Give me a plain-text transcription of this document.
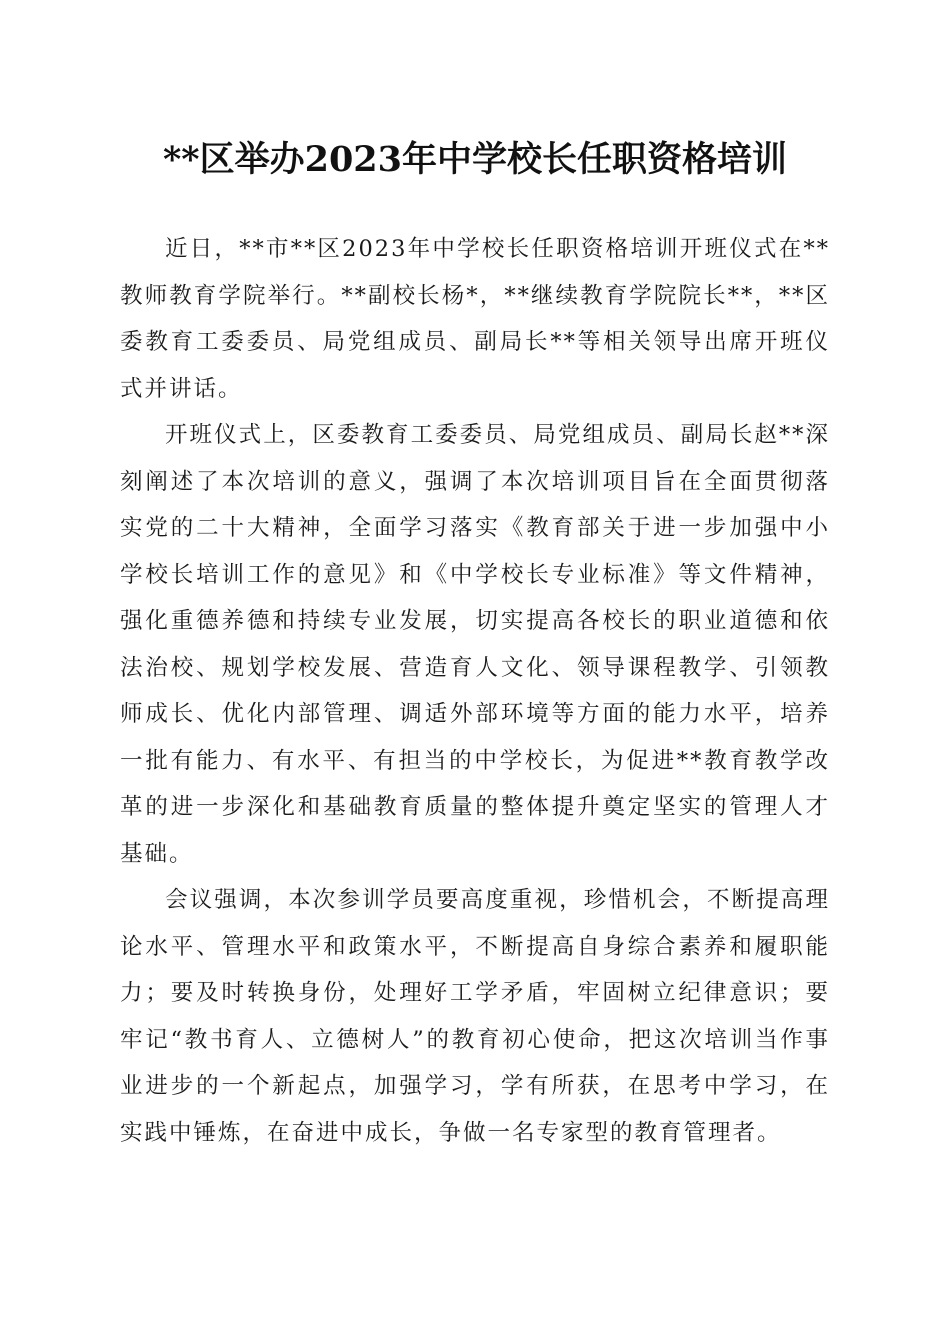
**区举办2023年中学校长任职资格培训

近日，**市**区2023年中学校长任职资格培训开班仪式在**教师教育学院举行。**副校长杨*，**继续教育学院院长**，**区委教育工委委员、局党组成员、副局长**等相关领导出席开班仪式并讲话。

开班仪式上，区委教育工委委员、局党组成员、副局长赵**深刻阐述了本次培训的意义，强调了本次培训项目旨在全面贯彻落实党的二十大精神，全面学习落实《教育部关于进一步加强中小学校长培训工作的意见》和《中学校长专业标准》等文件精神，强化重德养德和持续专业发展，切实提高各校长的职业道德和依法治校、规划学校发展、营造育人文化、领导课程教学、引领教师成长、优化内部管理、调适外部环境等方面的能力水平，培养一批有能力、有水平、有担当的中学校长，为促进**教育教学改革的进一步深化和基础教育质量的整体提升奠定坚实的管理人才基础。

会议强调，本次参训学员要高度重视，珍惜机会，不断提高理论水平、管理水平和政策水平，不断提高自身综合素养和履职能力；要及时转换身份，处理好工学矛盾，牢固树立纪律意识；要牢记“教书育人、立德树人”的教育初心使命，把这次培训当作事业进步的一个新起点，加强学习，学有所获，在思考中学习，在实践中锤炼，在奋进中成长，争做一名专家型的教育管理者。
